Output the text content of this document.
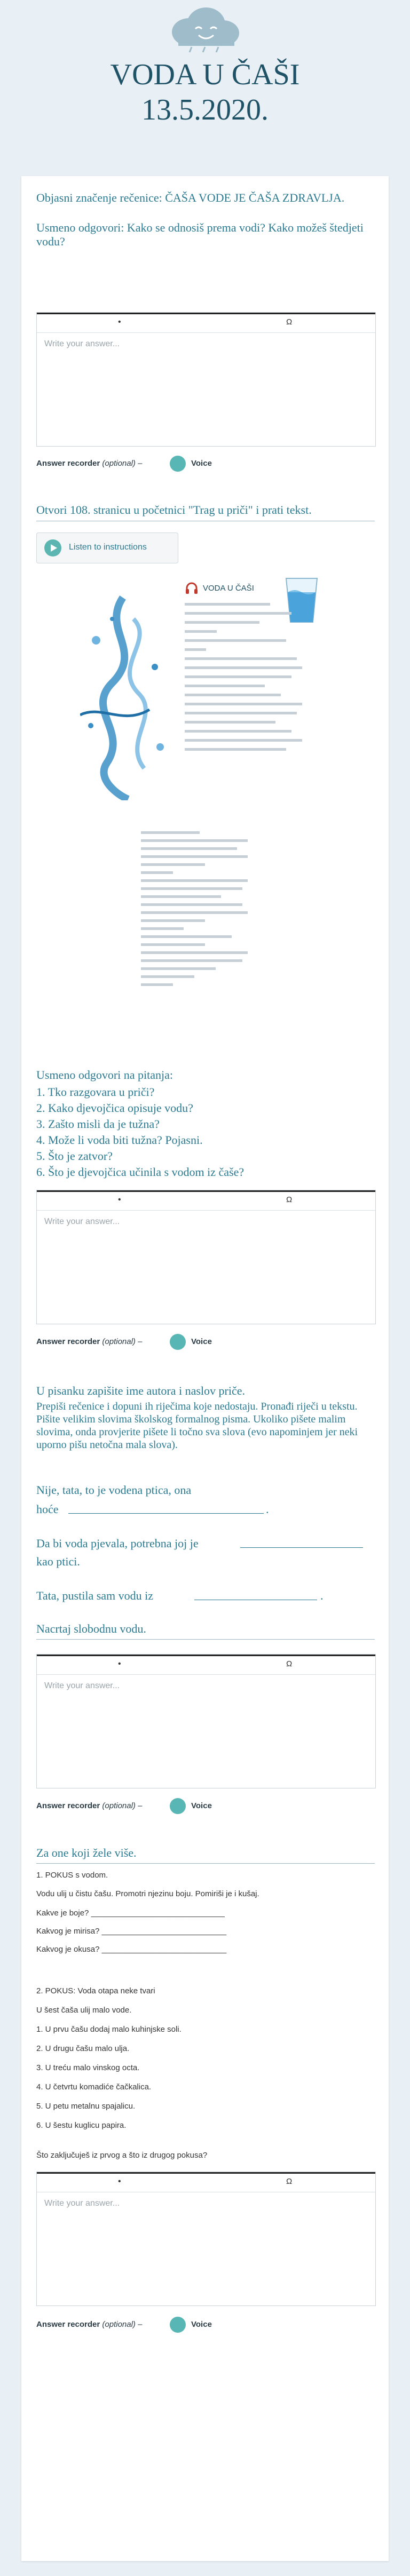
VODA U ČAŠI
13.5.2020.
Objasni značenje rečenice: ČAŠA VODE JE ČAŠA ZDRAVLJA.
Usmeno odgovori: Kako se odnosiš prema vodi? Kako možeš štedjeti vodu?
•	Ω
Write your answer...
Answer recorder (optional) –	Voice
Otvori 108. stranicu u početnici "Trag u priči" i prati tekst.
Listen to instructions
VODA U ČAŠI
Usmeno odgovori na pitanja:
1. Tko razgovara u priči?
2. Kako djevojčica opisuje vodu?
3. Zašto misli da je tužna?
4. Može li voda biti tužna? Pojasni.
5. Što je zatvor?
6. Što je djevojčica učinila s vodom iz čaše?
•	Ω
Write your answer...
Answer recorder (optional) –	Voice
U pisanku zapišite ime autora i naslov priče.
Prepiši rečenice i dopuni ih riječima koje nedostaju. Pronađi riječi u tekstu. Pišite velikim slovima školskog formalnog pisma. Ukoliko pišete malim slovima, onda provjerite pišete li točno sva slova (evo napominjem jer neki uporno pišu netočna mala slova).
Nije, tata, to je vodena ptica, ona
hoće	.
Da bi voda pjevala, potrebna joj je
kao ptici.
Tata, pustila sam vodu iz	.
Nacrtaj slobodnu vodu.
•	Ω
Write your answer...
Answer recorder (optional) –	Voice
Za one koji žele više.
1. POKUS s vodom.
Vodu ulij u čistu čašu. Promotri njezinu boju. Pomiriši je i kušaj.
Kakve je boje? ______________________________
Kakvog je mirisa? ____________________________
Kakvog je okusa? ____________________________
2. POKUS: Voda otapa neke tvari
U šest čaša ulij malo vode.
1. U prvu čašu dodaj malo kuhinjske soli.
2. U drugu čašu malo ulja.
3. U treću malo vinskog octa.
4. U četvrtu komadiće čačkalica.
5. U petu metalnu spajalicu.
6. U šestu kuglicu papira.
Što zaključuješ iz prvog a što iz drugog pokusa?
•	Ω
Write your answer...
Answer recorder (optional) –	Voice
